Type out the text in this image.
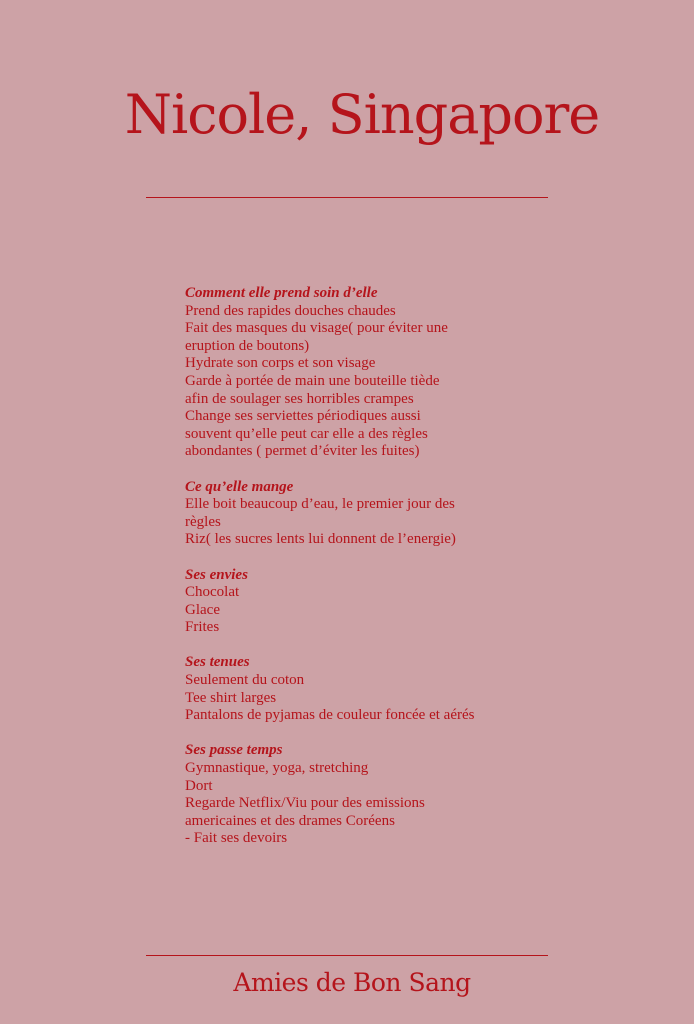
Nicole, Singapore

Comment elle prend soin d’elle

Prend des rapides douches chaudes

Fait des masques du visage( pour éviter une

eruption de boutons)

Hydrate son corps et son visage

Garde à portée de main une bouteille tiède

afin de soulager ses horribles crampes

Change ses serviettes périodiques aussi

souvent qu’elle peut car elle a des règles

abondantes ( permet d’éviter les fuites)

Ce qu’elle mange

Elle boit beaucoup d’eau, le premier jour des

règles

Riz( les sucres lents lui donnent de l’energie)

Ses envies

Chocolat

Glace

Frites

Ses tenues

Seulement du coton

Tee shirt larges

Pantalons de pyjamas de couleur foncée et aérés

Ses passe temps

Gymnastique, yoga, stretching

Dort

Regarde Netflix/Viu pour des emissions

americaines et des drames Coréens

- Fait ses devoirs

Amies de Bon Sang
